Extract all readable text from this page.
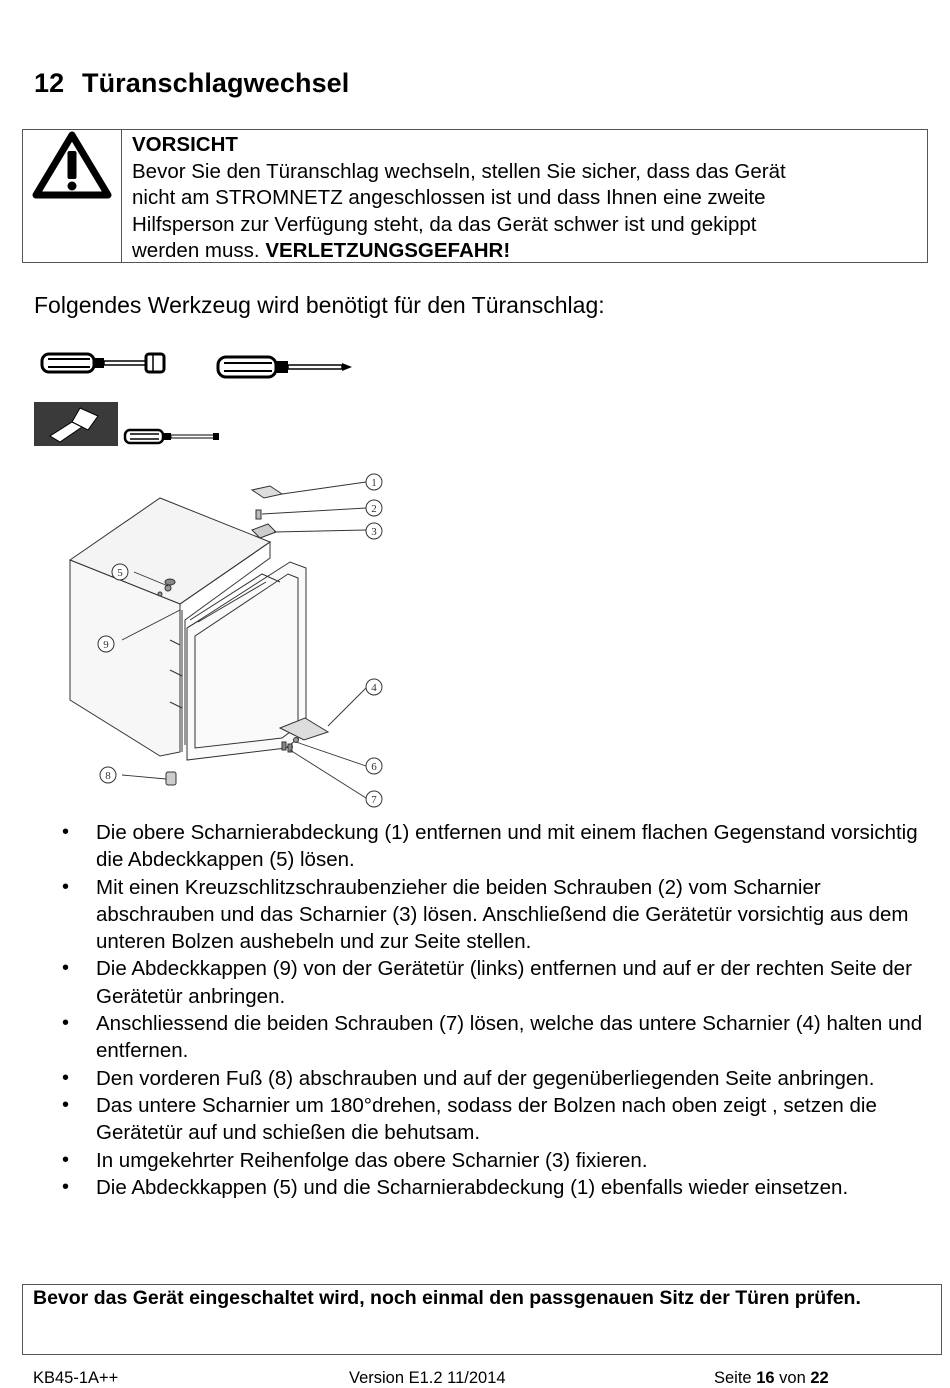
12 Türanschlagwechsel
VORSICHT
Bevor Sie den Türanschlag wechseln, stellen Sie sicher, dass das Gerät
nicht am STROMNETZ angeschlossen ist und dass Ihnen eine zweite
Hilfsperson zur Verfügung steht, da das Gerät schwer ist und gekippt
werden muss. VERLETZUNGSGEFAHR!
Folgendes Werkzeug wird benötigt für den Türanschlag:
1
2
3
4
5
6
7
8
9
• Die obere Scharnierabdeckung (1) entfernen und mit einem flachen Gegenstand vorsichtig die Abdeckkappen (5) lösen.
• Mit einen Kreuzschlitzschraubenzieher die beiden Schrauben (2) vom Scharnier abschrauben und das Scharnier (3) lösen. Anschließend die Gerätetür vorsichtig aus dem unteren Bolzen aushebeln und zur Seite stellen.
• Die Abdeckkappen (9) von der Gerätetür (links) entfernen und auf er der rechten Seite der Gerätetür anbringen.
• Anschliessend die beiden Schrauben (7) lösen, welche das untere Scharnier (4) halten und entfernen.
• Den vorderen Fuß (8) abschrauben und auf der gegenüberliegenden Seite anbringen.
• Das untere Scharnier um 180°drehen, sodass der Bolzen nach oben zeigt , setzen die Gerätetür auf und schießen die behutsam.
• In umgekehrter Reihenfolge das obere Scharnier (3) fixieren.
• Die Abdeckkappen (5) und die Scharnierabdeckung (1) ebenfalls wieder einsetzen.
Bevor das Gerät eingeschaltet wird, noch einmal den passgenauen Sitz der Türen prüfen.
KB45-1A++	Version E1.2 11/2014	Seite 16 von 22
